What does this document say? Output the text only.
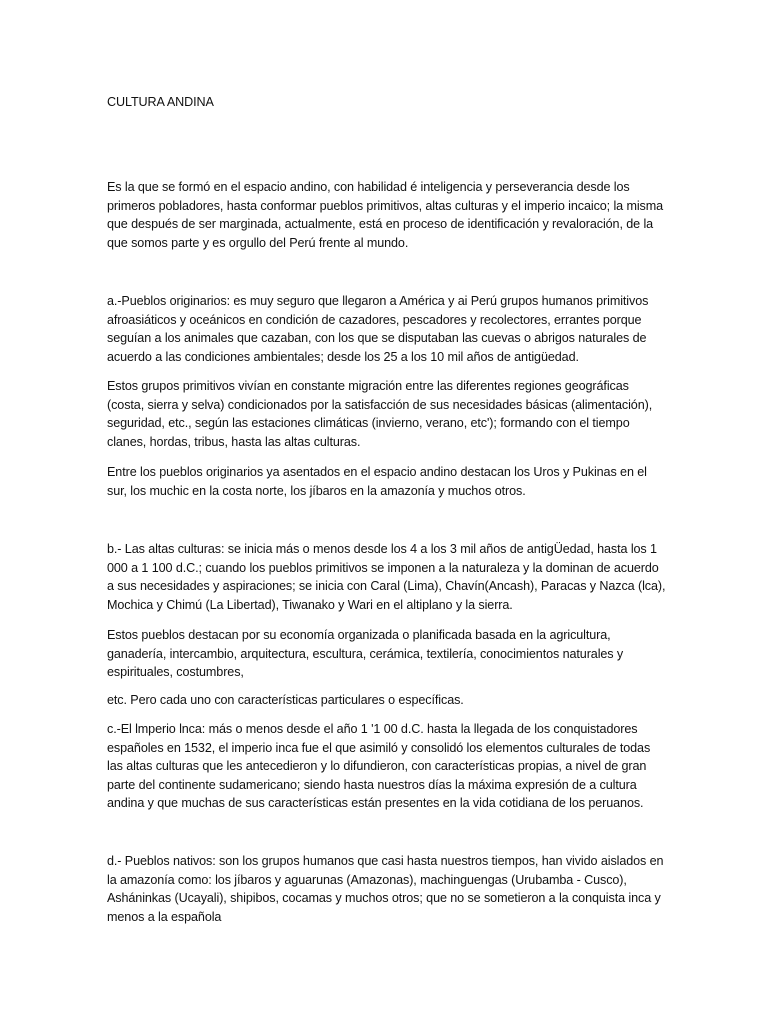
CULTURA ANDINA

Es la que se formó en el espacio andino, con habilidad é inteligencia y perseverancia desde los primeros pobladores, hasta conformar pueblos primitivos, altas culturas y el imperio incaico; la misma que después de ser marginada, actualmente, está en proceso de identificación y revaloración, de la que somos parte y es orgullo del Perú frente al mundo.

a.-Pueblos originarios: es muy seguro que llegaron a América y ai Perú grupos humanos primitivos afroasiáticos y oceánicos en condición de cazadores, pescadores y recolectores, errantes porque seguían a los animales que cazaban, con los que se disputaban las cuevas o abrigos naturales de acuerdo a las condiciones ambientales; desde los 25 a los 10 mil años de antigüedad.

Estos grupos primitivos vivían en constante migración entre las diferentes regiones geográficas (costa, sierra y selva) condicionados por la satisfacción de sus necesidades básicas (alimentación), seguridad, etc., según las estaciones climáticas (invierno, verano, etc'); formando con el tiempo clanes, hordas, tribus, hasta las altas culturas.

Entre los pueblos originarios ya asentados en el espacio andino destacan los Uros y Pukinas en el sur, los muchic en la costa norte, los jíbaros en la amazonía y muchos otros.

b.- Las altas culturas: se inicia más o menos desde los 4 a los 3 mil años de antigÜedad, hasta los 1 000 a 1 100 d.C.; cuando los pueblos primitivos se imponen a la naturaleza y la dominan de acuerdo a sus necesidades y aspiraciones; se inicia con Caral (Lima), Chavín(Ancash), Paracas y Nazca (lca), Mochica y Chimú (La Libertad), Tiwanako y Wari en el altiplano y la sierra.

Estos pueblos destacan por su economía organizada o planificada basada en la agricultura, ganadería, intercambio, arquitectura, escultura, cerámica, textilería, conocimientos naturales y espirituales, costumbres,

etc. Pero cada uno con características particulares o específicas.

c.-El lmperio lnca: más o menos desde el año 1 '1 00 d.C. hasta la llegada de los conquistadores españoles en 1532, el imperio inca fue el que asimiló y consolidó los elementos culturales de todas las altas culturas que les antecedieron y lo difundieron, con características propias, a nivel de gran parte del continente sudamericano; siendo hasta nuestros días la máxima expresión de a cultura andina y que muchas de sus características están presentes en la vida cotidiana de los peruanos.

d.- Pueblos nativos: son los grupos humanos que casi hasta nuestros tiempos, han vivido aislados en la amazonía como: los jíbaros y aguarunas (Amazonas), machinguengas (Urubamba - Cusco), Asháninkas (Ucayali), shipibos, cocamas y muchos otros; que no se sometieron a la conquista inca y menos a la española
